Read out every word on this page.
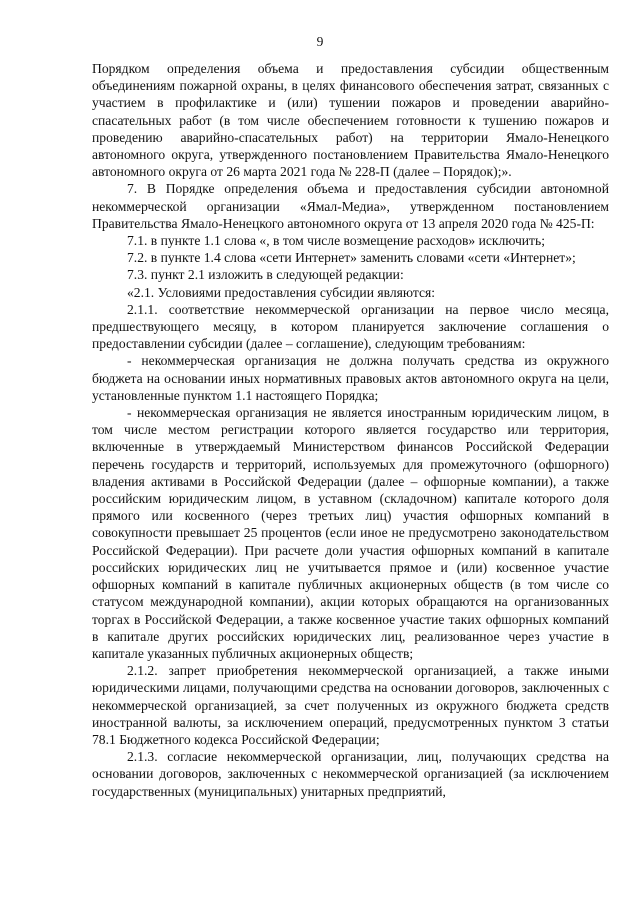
9

Порядком определения объема и предоставления субсидии общественным объединениям пожарной охраны, в целях финансового обеспечения затрат, связанных с участием в профилактике и (или) тушении пожаров и проведении аварийно-спасательных работ (в том числе обеспечением готовности к тушению пожаров и проведению аварийно-спасательных работ) на территории Ямало-Ненецкого автономного округа, утвержденного постановлением Правительства Ямало-Ненецкого автономного округа от 26 марта 2021 года № 228-П (далее – Порядок);».

7. В Порядке определения объема и предоставления субсидии автономной некоммерческой организации «Ямал-Медиа», утвержденном постановлением Правительства Ямало-Ненецкого автономного округа от 13 апреля 2020 года № 425-П:

7.1. в пункте 1.1 слова «, в том числе возмещение расходов» исключить;

7.2. в пункте 1.4 слова «сети Интернет» заменить словами «сети «Интернет»;

7.3. пункт 2.1 изложить в следующей редакции:

«2.1. Условиями предоставления субсидии являются:

2.1.1. соответствие некоммерческой организации на первое число месяца, предшествующего месяцу, в котором планируется заключение соглашения о предоставлении субсидии (далее – соглашение), следующим требованиям:

- некоммерческая организация не должна получать средства из окружного бюджета на основании иных нормативных правовых актов автономного округа на цели, установленные пунктом 1.1 настоящего Порядка;

- некоммерческая организация не является иностранным юридическим лицом, в том числе местом регистрации которого является государство или территория, включенные в утверждаемый Министерством финансов Российской Федерации перечень государств и территорий, используемых для промежуточного (офшорного) владения активами в Российской Федерации (далее – офшорные компании), а также российским юридическим лицом, в уставном (складочном) капитале которого доля прямого или косвенного (через третьих лиц) участия офшорных компаний в совокупности превышает 25 процентов (если иное не предусмотрено законодательством Российской Федерации). При расчете доли участия офшорных компаний в капитале российских юридических лиц не учитывается прямое и (или) косвенное участие офшорных компаний в капитале публичных акционерных обществ (в том числе со статусом международной компании), акции которых обращаются на организованных торгах в Российской Федерации, а также косвенное участие таких офшорных компаний в капитале других российских юридических лиц, реализованное через участие в капитале указанных публичных акционерных обществ;

2.1.2. запрет приобретения некоммерческой организацией, а также иными юридическими лицами, получающими средства на основании договоров, заключенных с некоммерческой организацией, за счет полученных из окружного бюджета средств иностранной валюты, за исключением операций, предусмотренных пунктом 3 статьи 78.1 Бюджетного кодекса Российской Федерации;

2.1.3. согласие некоммерческой организации, лиц, получающих средства на основании договоров, заключенных с некоммерческой организацией (за исключением государственных (муниципальных) унитарных предприятий,
